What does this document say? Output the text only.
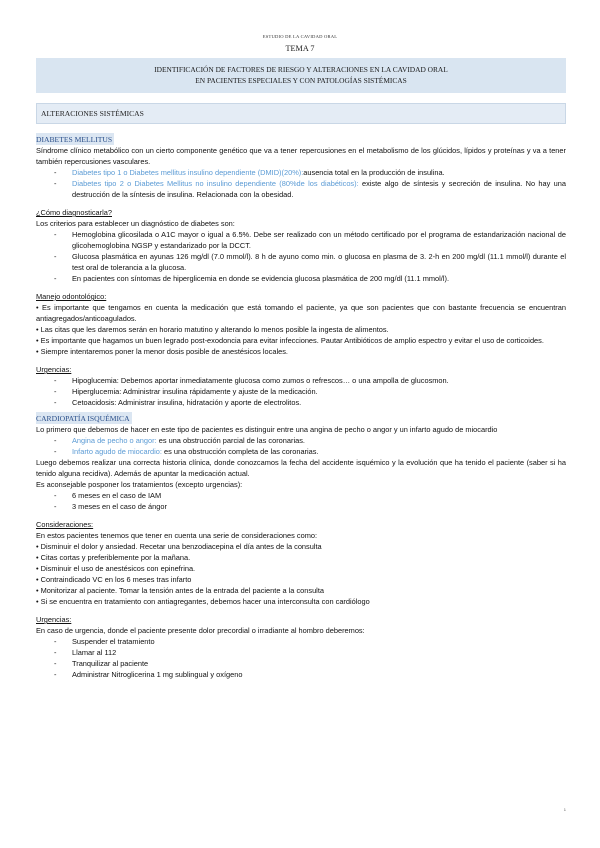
ESTUDIO DE LA CAVIDAD ORAL
TEMA 7
IDENTIFICACIÓN DE FACTORES DE RIESGO Y ALTERACIONES EN LA CAVIDAD ORAL
EN PACIENTES ESPECIALES Y CON PATOLOGÍAS SISTÉMICAS
ALTERACIONES SISTÉMICAS
DIABETES MELLITUS

Síndrome clínico metabólico con un cierto componente genético que va a tener repercusiones en el metabolismo de los glúcidos, lípidos y proteínas y va a tener también repercusiones vasculares.

- Diabetes tipo 1 o Diabetes mellitus insulino dependiente (DMID)(20%):ausencia total en la producción de insulina.
- Diabetes tipo 2 o Diabetes Mellitus no insulino dependiente (80%de los diabéticos): existe algo de síntesis y secreción de insulina. No hay una destrucción de la síntesis de insulina. Relacionada con la obesidad.

¿Cómo diagnosticarla?

Los criterios para establecer un diagnóstico de diabetes son:

- Hemoglobina glicosilada o A1C mayor o igual a 6.5%. Debe ser realizado con un método certificado por el programa de estandarización nacional de glicohemoglobina NGSP y estandarizado por la DCCT.
- Glucosa plasmática en ayunas 126 mg/dl (7.0 mmol/l). 8 h de ayuno como min. o glucosa en plasma de 3. 2-h en 200 mg/dl (11.1 mmol/l) durante el test oral de tolerancia a la glucosa.
- En pacientes con síntomas de hiperglicemia en donde se evidencia glucosa plasmática de 200 mg/dl (11.1 mmol/l).

Manejo odontológico:

• Es importante que tengamos en cuenta la medicación que está tomando el paciente, ya que son pacientes que con bastante frecuencia se encuentran antiagregados/anticoagulados.

• Las citas que les daremos serán en horario matutino y alterando lo menos posible la ingesta de alimentos.

• Es importante que hagamos un buen legrado post-exodoncia para evitar infecciones. Pautar Antibióticos de amplio espectro y evitar el uso de corticoides.

• Siempre intentaremos poner la menor dosis posible de anestésicos locales.

Urgencias:

- Hipoglucemia: Debemos aportar inmediatamente glucosa como zumos o refrescos… o una ampolla de glucosmon.
- Hiperglucemia: Administrar insulina rápidamente y ajuste de la medicación.
- Cetoacidosis: Administrar insulina, hidratación y aporte de electrolitos.
CARDIOPATÍA ISQUÉMICA

Lo primero que debemos de hacer en este tipo de pacientes es distinguir entre una angina de pecho o angor y un infarto agudo de miocardio

- Angina de pecho o angor: es una obstrucción parcial de las coronarias.
- Infarto agudo de miocardio: es una obstrucción completa de las coronarias.

Luego debemos realizar una correcta historia clínica, donde conozcamos la fecha del accidente isquémico y la evolución que ha tenido el paciente (saber si ha tenido alguna recidiva). Además de apuntar la medicación actual.

Es aconsejable posponer los tratamientos (excepto urgencias):

- 6 meses en el caso de IAM
- 3 meses en el caso de ángor

Consideraciones:

En estos pacientes tenemos que tener en cuenta una serie de consideraciones como:

• Disminuir el dolor y ansiedad. Recetar una benzodiacepina el día antes de la consulta

• Citas cortas y preferiblemente por la mañana.

• Disminuir el uso de anestésicos con epinefrina.

• Contraindicado VC en los 6 meses tras infarto

• Monitorizar al paciente. Tomar la tensión antes de la entrada del paciente a la consulta

• Si se encuentra en tratamiento con antiagregantes, debemos hacer una interconsulta con cardiólogo

Urgencias:

En caso de urgencia, donde el paciente presente dolor precordial o irradiante al hombro deberemos:

- Suspender el tratamiento
- Llamar al 112
- Tranquilizar al paciente
- Administrar Nitroglicerina 1 mg sublingual y oxígeno
1
